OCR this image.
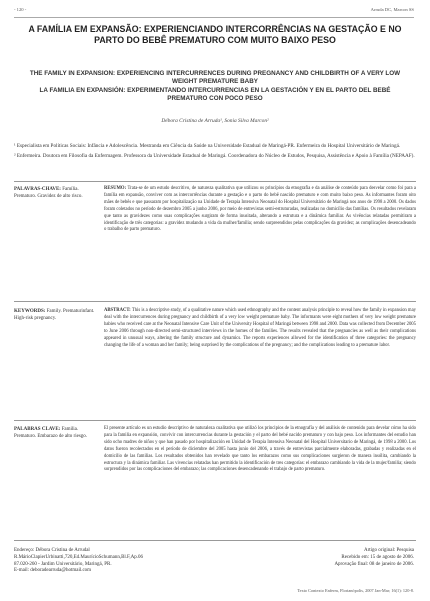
- 120 -	Arruda DC, Marcon SS
A FAMÍLIA EM EXPANSÃO: EXPERIENCIANDO INTERCORRÊNCIAS NA GESTAÇÃO E NO PARTO DO BEBÊ PREMATURO COM MUITO BAIXO PESO
THE FAMILY IN EXPANSION: EXPERIENCING INTERCURRENCES DURING PREGNANCY AND CHILDBIRTH OF A VERY LOW WEIGHT PREMATURE BABY
LA FAMILIA EN EXPANSIÓN: EXPERIMENTANDO INTERCURRENCIAS EN LA GESTACIÓN Y EN EL PARTO DEL BEBÉ PREMATURO CON POCO PESO
Débora Cristina de Arruda¹, Sonia Silva Marcon²

¹ Especialista em Políticas Sociais: Infância e Adolescência. Mestranda em Ciência da Saúde na Universidade Estadual de Maringá-PR. Enfermeira do Hospital Universitário de Maringá.

² Enfermeira. Doutora em Filosofia da Enfermagem. Professora da Universidade Estadual de Maringá. Coordenadora do Núcleo de Estudos, Pesquisa, Assistência e Apoio à Família (NEPAAF).

PALAVRAS-CHAVE: Família. Prematuro. Gravidez de alto risco.
RESUMO: Trata-se de um estudo descritivo, de natureza qualitativa que utilizou os princípios da etnografia e da análise de conteúdo para desvelar como foi para a família em expansão, conviver com as intercorrências durante a gestação e o parto do bebê nascido prematuro e com muito baixo peso. As informantes foram oito mães de bebês e que passaram por hospitalização na Unidade de Terapia Intensiva Neonatal do Hospital Universitário de Maringá nos anos de 1998 a 2000. Os dados foram coletados no período de dezembro 2005 a junho 2006, por meio de entrevistas semi-estruturadas, realizadas no domicílio das famílias. Os resultados revelaram que tanto as gravidezes como suas complicações surgiram de forma inusitada, alterando a estrutura e a dinâmica familiar. As vivências relatadas permitiram a identificação de três categorias: a gravidez mudando a vida da mulher/família; sendo surpreendidos pelas complicações da gravidez; as complicações desencadeando o trabalho de parto prematuro.
KEYWORDS: Family. Prematurinfant. High-risk pregnancy.
ABSTRACT: This is a descriptive study, of a qualitative nature which used ethnography and the content analysis principle to reveal how the family in expansion may deal with the intercurrences during pregnancy and childbirth of a very low weight premature baby. The informants were eight mothers of very low weight premature babies who received care at the Neonatal Intensive Care Unit of the University Hospital of Maringá between 1998 and 2000. Data was collected from December 2005 to June 2006 through non-directed semi-structured interviews in the homes of the families. The results revealed that the pregnancies as well as their complications appeared in unusual ways, altering the family structure and dynamics. The reports experiences allowed for the identification of three categories: the pregnancy changing the life of a woman and her family; being surprised by the complications of the pregnancy; and the complications leading to a premature labor.
PALABRAS CLAVE: Familia. Prematuro. Embarazo de alto riesgo.
El presente artículo es un estudio descriptivo de naturaleza cualitativa que utilizó los principios de la etnografía y del análisis de contenido para develar cómo ha sido para la familia en expansión, convivir con intercurrencias durante la gestación y el parto del bebé nacido prematuro y con bajo peso. Los informantes del estudio han sido ocho madres de niños y que han pasado por hospitalización en Unidad de Terapia Intensiva Neonatal del Hospital Universitario de Maringá, de 1998 a 2000. Los datos fueron recolectados en el período de diciembre del 2005 hasta junio del 2006, a través de entrevistas parcialmente elaboradas, grabadas y realizadas en el domicilio de las familias. Los resultados obtenidos han revelado que tanto los embarazos como sus complicaciones surgieron de manera insólita, cambiando la estructura y la dinámica familiar. Las vivencias relatadas han permitido la identificación de tres categorías: el embarazo cambiando la vida de la mujer/familia; siendo sorprendidos por las complicaciones del embarazo; las complicaciones desencadenando el trabajo de parto prematuro.
Endereço: Débora Cristina de Arrudal
R.MárioClapierUrbinatti,720,Ed.MaurícioSchumann,Bl.F,Ap.06
87.020-260 - Jardim Universitário, Maringá, PR.
E-mail: deboradearruda@hotmail.com
Artigo original: Pesquisa
Recebido em: 15 de agosto de 2006.
Aprovação final: 08 de janeiro de 2006.
Texto Contexto Enferm, Florianópolis, 2007 Jan-Mar; 16(1): 120-8.
